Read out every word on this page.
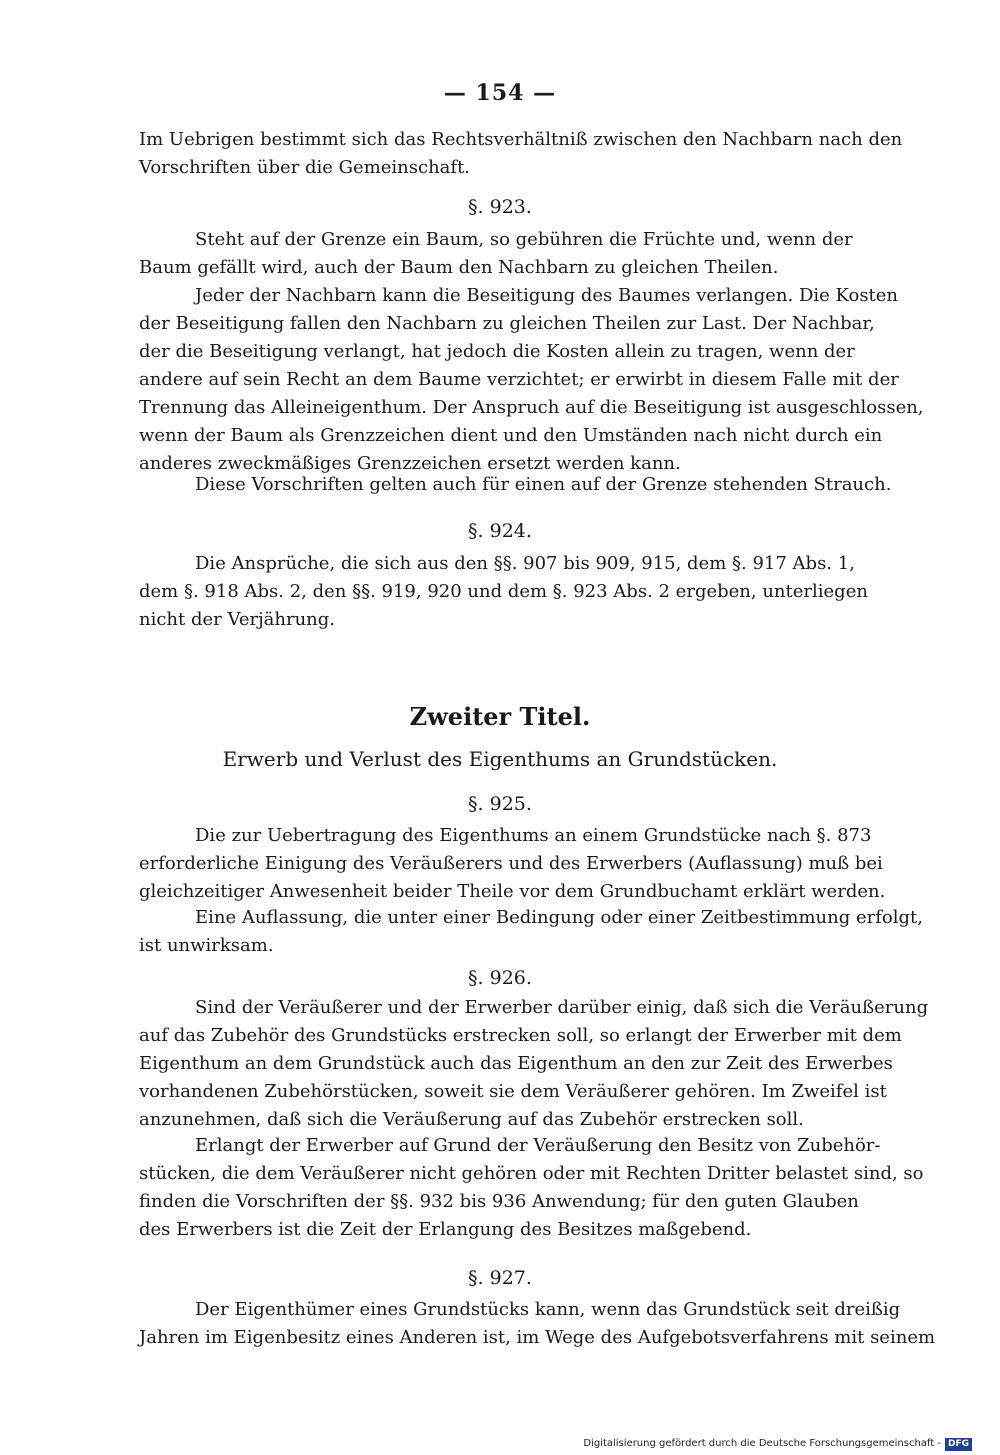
— 154 —
Im Uebrigen bestimmt sich das Rechtsverhältniß zwischen den Nachbarn nach den
Vorschriften über die Gemeinschaft.
§. 923.
Steht auf der Grenze ein Baum, so gebühren die Früchte und, wenn der
Baum gefällt wird, auch der Baum den Nachbarn zu gleichen Theilen.
Jeder der Nachbarn kann die Beseitigung des Baumes verlangen. Die Kosten
der Beseitigung fallen den Nachbarn zu gleichen Theilen zur Last. Der Nachbar,
der die Beseitigung verlangt, hat jedoch die Kosten allein zu tragen, wenn der
andere auf sein Recht an dem Baume verzichtet; er erwirbt in diesem Falle mit der
Trennung das Alleineigenthum. Der Anspruch auf die Beseitigung ist ausgeschlossen,
wenn der Baum als Grenzzeichen dient und den Umständen nach nicht durch ein
anderes zweckmäßiges Grenzzeichen ersetzt werden kann.
Diese Vorschriften gelten auch für einen auf der Grenze stehenden Strauch.
§. 924.
Die Ansprüche, die sich aus den §§. 907 bis 909, 915, dem §. 917 Abs. 1,
dem §. 918 Abs. 2, den §§. 919, 920 und dem §. 923 Abs. 2 ergeben, unterliegen
nicht der Verjährung.
Zweiter Titel.
Erwerb und Verlust des Eigenthums an Grundstücken.
§. 925.
Die zur Uebertragung des Eigenthums an einem Grundstücke nach §. 873
erforderliche Einigung des Veräußerers und des Erwerbers (Auflassung) muß bei
gleichzeitiger Anwesenheit beider Theile vor dem Grundbuchamt erklärt werden.
Eine Auflassung, die unter einer Bedingung oder einer Zeitbestimmung erfolgt,
ist unwirksam.
§. 926.
Sind der Veräußerer und der Erwerber darüber einig, daß sich die Veräußerung
auf das Zubehör des Grundstücks erstrecken soll, so erlangt der Erwerber mit dem
Eigenthum an dem Grundstück auch das Eigenthum an den zur Zeit des Erwerbes
vorhandenen Zubehörstücken, soweit sie dem Veräußerer gehören. Im Zweifel ist
anzunehmen, daß sich die Veräußerung auf das Zubehör erstrecken soll.
Erlangt der Erwerber auf Grund der Veräußerung den Besitz von Zubehör-
stücken, die dem Veräußerer nicht gehören oder mit Rechten Dritter belastet sind, so
finden die Vorschriften der §§. 932 bis 936 Anwendung; für den guten Glauben
des Erwerbers ist die Zeit der Erlangung des Besitzes maßgebend.
§. 927.
Der Eigenthümer eines Grundstücks kann, wenn das Grundstück seit dreißig
Jahren im Eigenbesitz eines Anderen ist, im Wege des Aufgebotsverfahrens mit seinem
Digitalisierung gefördert durch die Deutsche Forschungsgemeinschaft - DFG
